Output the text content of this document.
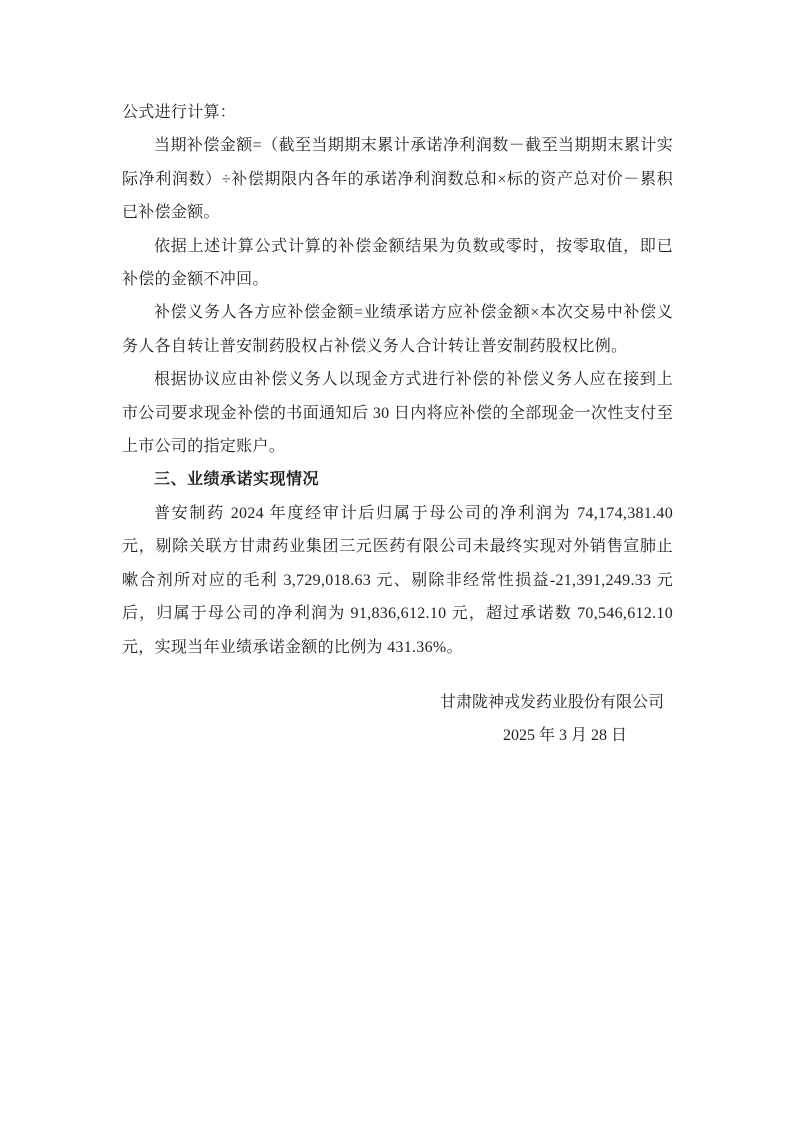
公式进行计算：

当期补偿金额=（截至当期期末累计承诺净利润数－截至当期期末累计实际净利润数）÷补偿期限内各年的承诺净利润数总和×标的资产总对价－累积已补偿金额。

依据上述计算公式计算的补偿金额结果为负数或零时，按零取值，即已补偿的金额不冲回。

补偿义务人各方应补偿金额=业绩承诺方应补偿金额×本次交易中补偿义务人各自转让普安制药股权占补偿义务人合计转让普安制药股权比例。

根据协议应由补偿义务人以现金方式进行补偿的补偿义务人应在接到上市公司要求现金补偿的书面通知后 30 日内将应补偿的全部现金一次性支付至上市公司的指定账户。

三、业绩承诺实现情况

普安制药 2024 年度经审计后归属于母公司的净利润为 74,174,381.40 元，剔除关联方甘肃药业集团三元医药有限公司未最终实现对外销售宣肺止嗽合剂所对应的毛利 3,729,018.63 元、剔除非经常性损益-21,391,249.33 元后，归属于母公司的净利润为 91,836,612.10 元，超过承诺数 70,546,612.10 元，实现当年业绩承诺金额的比例为 431.36%。

甘肃陇神戎发药业股份有限公司

2025 年 3 月 28 日
